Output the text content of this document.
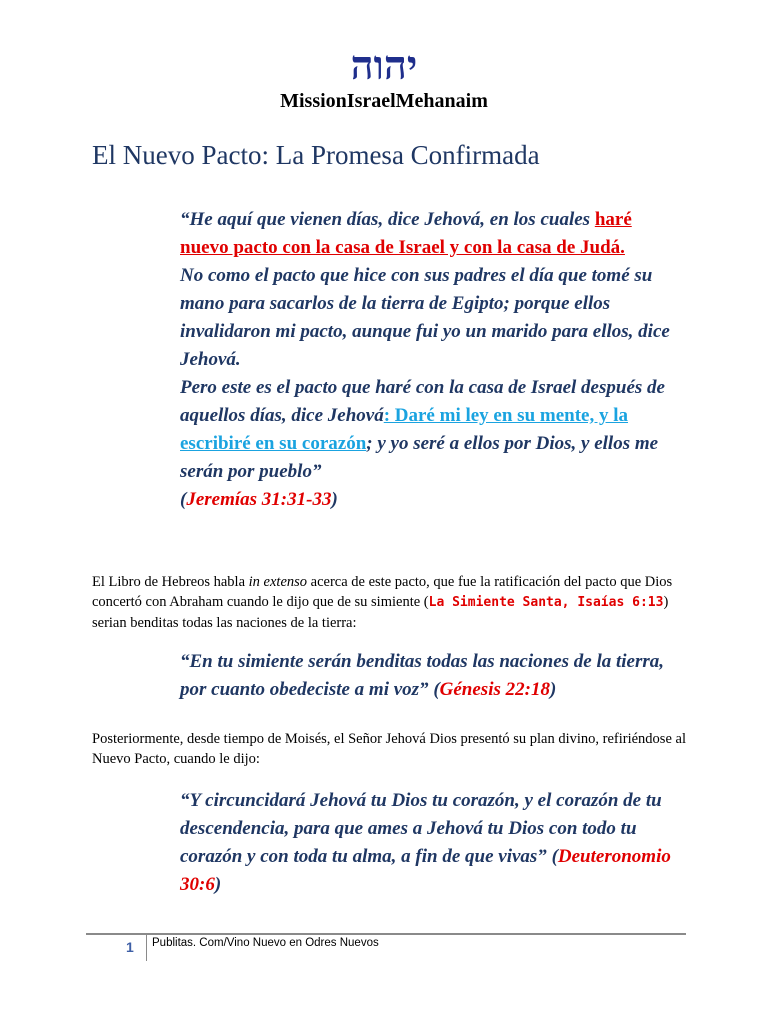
יהוה
MissionIsraelMehanaim
El Nuevo Pacto: La Promesa Confirmada

“He aquí que vienen días, dice Jehová, en los cuales haré nuevo pacto con la casa de Israel y con la casa de Judá.

No como el pacto que hice con sus padres el día que tomé su mano para sacarlos de la tierra de Egipto; porque ellos invalidaron mi pacto, aunque fui yo un marido para ellos, dice Jehová.

Pero este es el pacto que haré con la casa de Israel después de aquellos días, dice Jehová: Daré mi ley en su mente, y la escribiré en su corazón; y yo seré a ellos por Dios, y ellos me serán por pueblo”

(Jeremías 31:31-33)

El Libro de Hebreos habla in extenso acerca de este pacto, que fue la ratificación del pacto que Dios concertó con Abraham cuando le dijo que de su simiente (La Simiente Santa, Isaías 6:13) serian benditas todas las naciones de la tierra:

“En tu simiente serán benditas todas las naciones de la tierra, por cuanto obedeciste a mi voz” (Génesis 22:18)

Posteriormente, desde tiempo de Moisés, el Señor Jehová Dios presentó su plan divino, refiriéndose al Nuevo Pacto, cuando le dijo:

“Y circuncidará Jehová tu Dios tu corazón, y el corazón de tu descendencia, para que ames a Jehová tu Dios con todo tu corazón y con toda tu alma, a fin de que vivas” (Deuteronomio 30:6)

1 Publitas. Com/Vino Nuevo en Odres Nuevos
